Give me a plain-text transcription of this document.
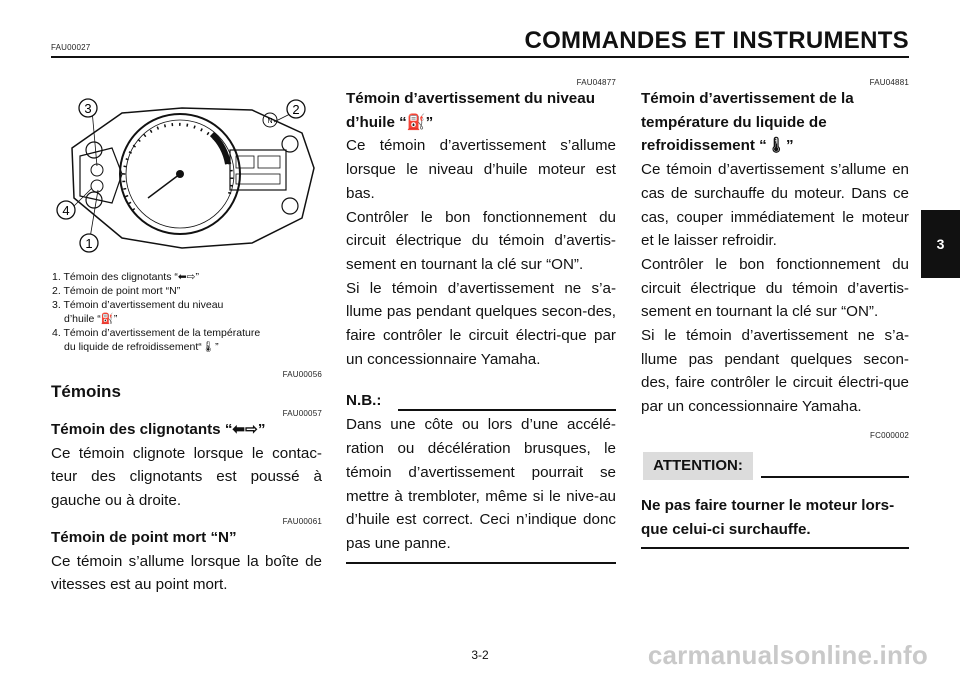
FAU00027	COMMANDES ET INSTRUMENTS
N
3	2
4
1
1. Témoin des clignotants “⬅⇨”
2. Témoin de point mort “N”
3. Témoin d’avertissement du niveau
d’huile “⛽”
4. Témoin d’avertissement de la température
du liquide de refroidissement“🌡”
FAU00056
Témoins
FAU00057

Témoin des clignotants “⬅⇨”

Ce témoin clignote lorsque le contac-teur des clignotants est poussé à gauche ou à droite.

FAU00061

Témoin de point mort “N”

Ce témoin s’allume lorsque la boîte de vitesses est au point mort.

FAU04877

Témoin d’avertissement du niveau

d’huile “⛽”

Ce témoin d’avertissement s’allume lorsque le niveau d’huile moteur est bas.

Contrôler le bon fonctionnement du circuit électrique du témoin d’avertis-sement en tournant la clé sur “ON”.

Si le témoin d’avertissement ne s’a-llume pas pendant quelques secon-des, faire contrôler le circuit électri-que par un concessionnaire Yamaha.

N.B.:

Dans une côte ou lors d’une accélé-ration ou décélération brusques, le témoin d’avertissement pourrait se mettre à trembloter, même si le nive-au d’huile est correct. Ceci n’indique donc pas une panne.

FAU04881

Témoin d’avertissement de la

température du liquide de

refroidissement “🌡”

Ce témoin d’avertissement s’allume en cas de surchauffe du moteur. Dans ce cas, couper immédiatement le moteur et le laisser refroidir.

Contrôler le bon fonctionnement du circuit électrique du témoin d’avertis-sement en tournant la clé sur “ON”.

Si le témoin d’avertissement ne s’a-llume pas pendant quelques secon-des, faire contrôler le circuit électri-que par un concessionnaire Yamaha.

FC000002
ATTENTION:

Ne pas faire tourner le moteur lors-que celui-ci surchauffe.

3
3-2	carmanualsonline.info
